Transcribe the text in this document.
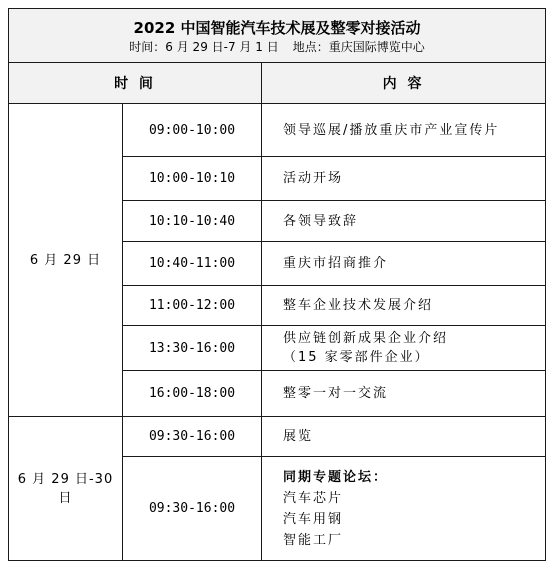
2022 中国智能汽车技术展及整零对接活动
时间：6 月 29 日-7 月 1 日 地点：重庆国际博览中心		

时 间		内 容

6 月 29 日	09:00-10:00	领导巡展/播放重庆市产业宣传片

	10:00-10:10	活动开场

	10:10-10:40	各领导致辞

	10:40-11:00	重庆市招商推介

	11:00-12:00	整车企业技术发展介绍

	13:30-16:00	供应链创新成果企业介绍
（15 家零部件企业）

	16:00-18:00	整零一对一交流

6 月 29 日-30
日	09:30-16:00	展览

	09:30-16:00	同期专题论坛：
汽车芯片
汽车用钢
智能工厂
